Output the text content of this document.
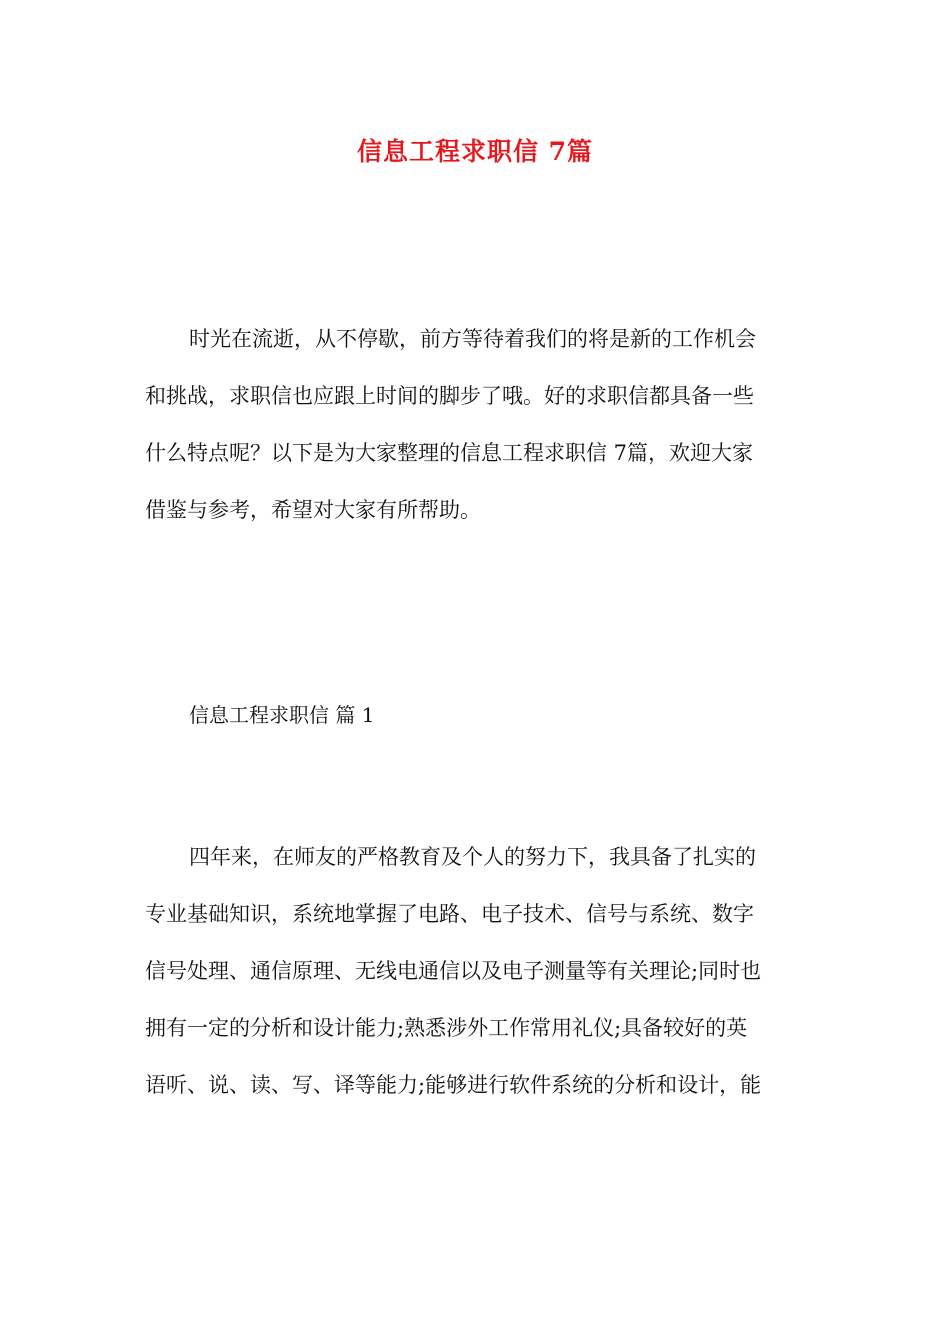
信息工程求职信 7篇
时光在流逝，从不停歇，前方等待着我们的将是新的工作机会
和挑战，求职信也应跟上时间的脚步了哦。好的求职信都具备一些
什么特点呢？以下是为大家整理的信息工程求职信 7篇，欢迎大家
借鉴与参考，希望对大家有所帮助。
信息工程求职信 篇 1
四年来，在师友的严格教育及个人的努力下，我具备了扎实的
专业基础知识，系统地掌握了电路、电子技术、信号与系统、数字
信号处理、通信原理、无线电通信以及电子测量等有关理论;同时也
拥有一定的分析和设计能力;熟悉涉外工作常用礼仪;具备较好的英
语听、说、读、写、译等能力;能够进行软件系统的分析和设计，能
